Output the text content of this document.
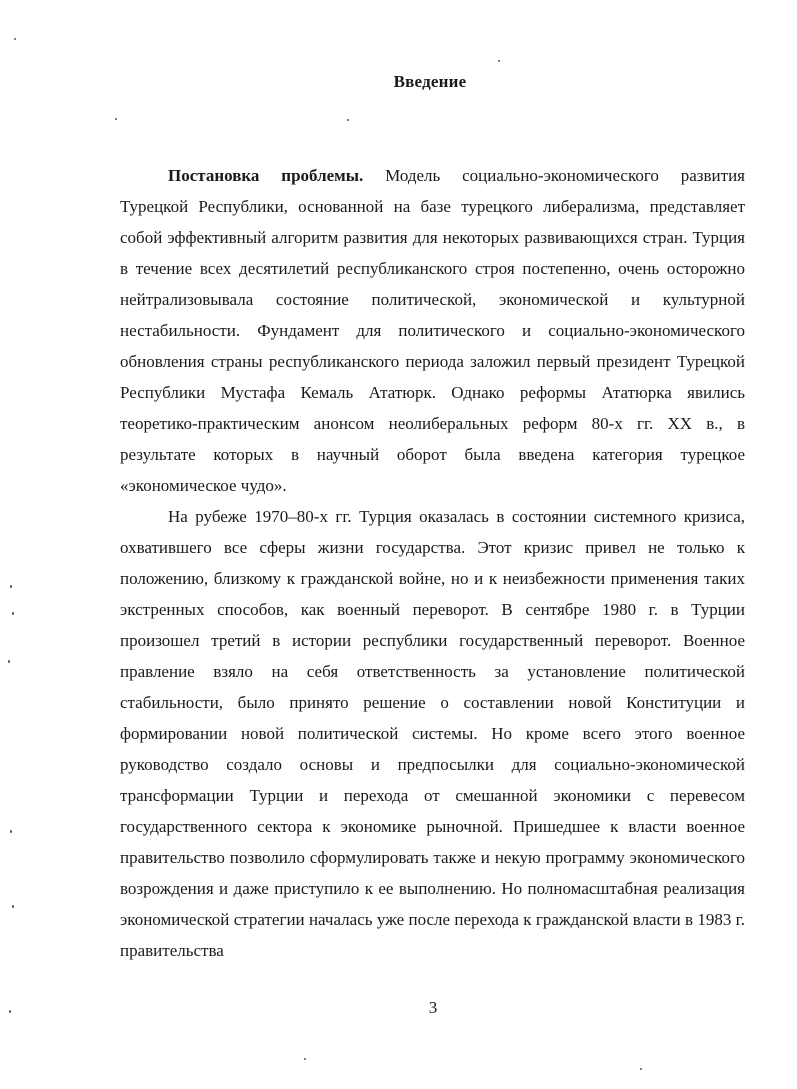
Введение

Постановка проблемы. Модель социально-экономического развития Турецкой Республики, основанной на базе турецкого либерализма, представляет собой эффективный алгоритм развития для некоторых развивающихся стран. Турция в течение всех десятилетий республиканского строя постепенно, очень осторожно нейтрализовывала состояние политической, экономической и культурной нестабильности. Фундамент для политического и социально-экономического обновления страны республиканского периода заложил первый президент Турецкой Республики Мустафа Кемаль Ататюрк. Однако реформы Ататюрка явились теоретико-практическим анонсом неолиберальных реформ 80-х гг. XX в., в результате которых в научный оборот была введена категория турецкое «экономическое чудо».

На рубеже 1970–80-х гг. Турция оказалась в состоянии системного кризиса, охватившего все сферы жизни государства. Этот кризис привел не только к положению, близкому к гражданской войне, но и к неизбежности применения таких экстренных способов, как военный переворот. В сентябре 1980 г. в Турции произошел третий в истории республики государственный переворот. Военное правление взяло на себя ответственность за установление политической стабильности, было принято решение о составлении новой Конституции и формировании новой политической системы. Но кроме всего этого военное руководство создало основы и предпосылки для социально-экономической трансформации Турции и перехода от смешанной экономики с перевесом государственного сектора к экономике рыночной. Пришедшее к власти военное правительство позволило сформулировать также и некую программу экономического возрождения и даже приступило к ее выполнению. Но полномасштабная реализация экономической стратегии началась уже после перехода к гражданской власти в 1983 г. правительства

3
